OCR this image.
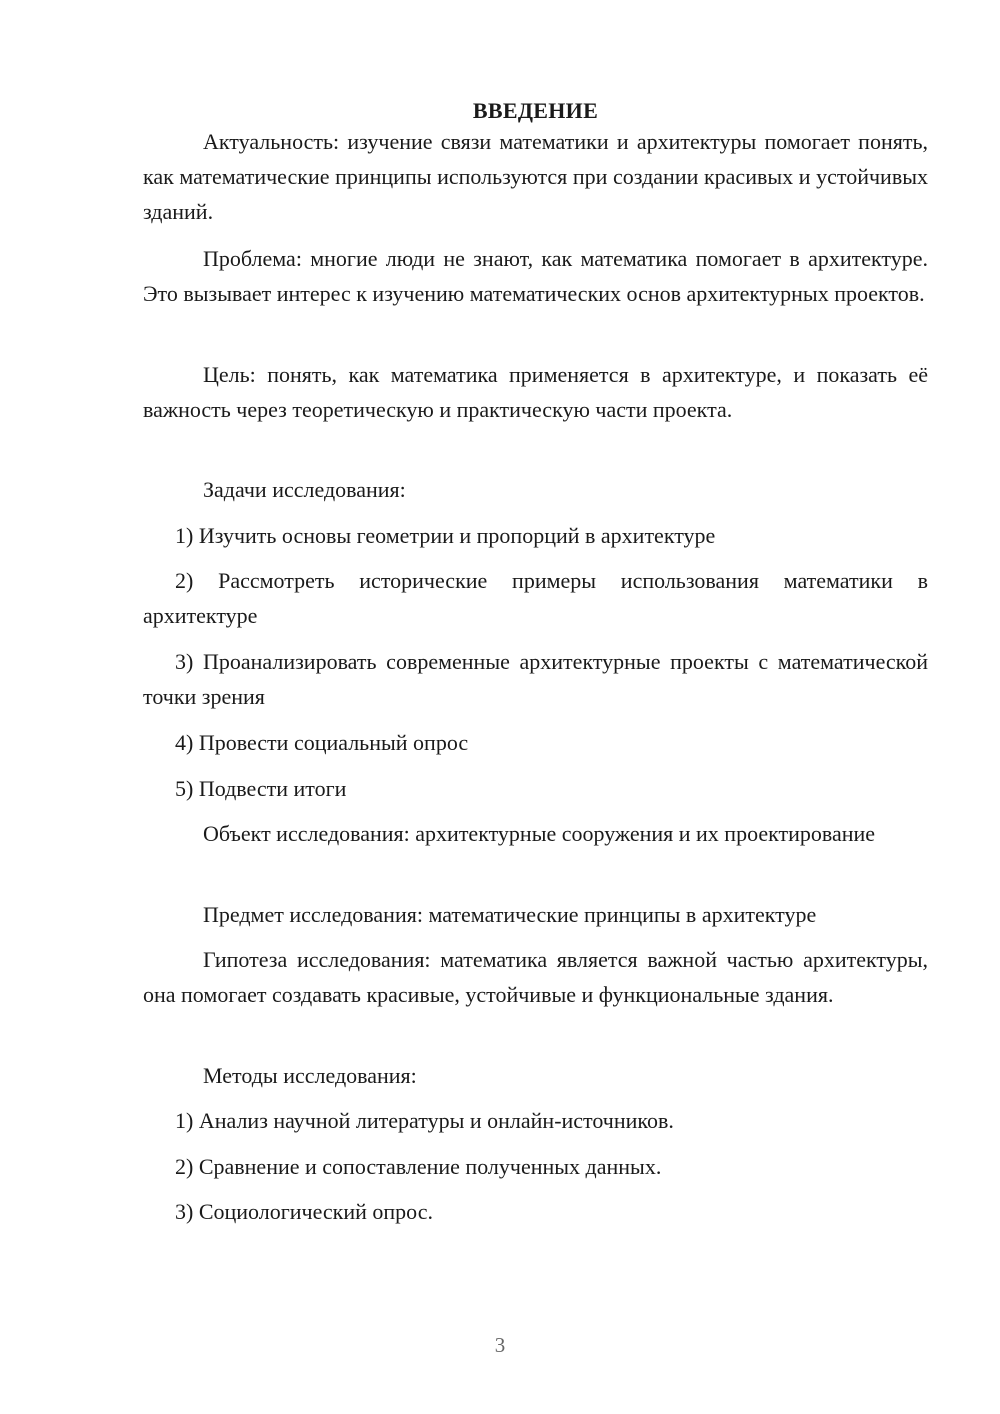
ВВЕДЕНИЕ

Актуальность: изучение связи математики и архитектуры помогает понять, как математические принципы используются при создании красивых и устойчивых зданий.

Проблема: многие люди не знают, как математика помогает в архитектуре. Это вызывает интерес к изучению математических основ архитектурных проектов.

Цель: понять, как математика применяется в архитектуре, и показать её важность через теоретическую и практическую части проекта.

Задачи исследования:

1) Изучить основы геометрии и пропорций в архитектуре

2) Рассмотреть исторические примеры использования математики в архитектуре

3) Проанализировать современные архитектурные проекты с математической точки зрения

4) Провести социальный опрос

5) Подвести итоги

Объект исследования: архитектурные сооружения и их проектирование

Предмет исследования: математические принципы в архитектуре

Гипотеза исследования: математика является важной частью архитектуры, она помогает создавать красивые, устойчивые и функциональные здания.

Методы исследования:

1) Анализ научной литературы и онлайн-источников.

2) Сравнение и сопоставление полученных данных.

3) Социологический опрос.

3
